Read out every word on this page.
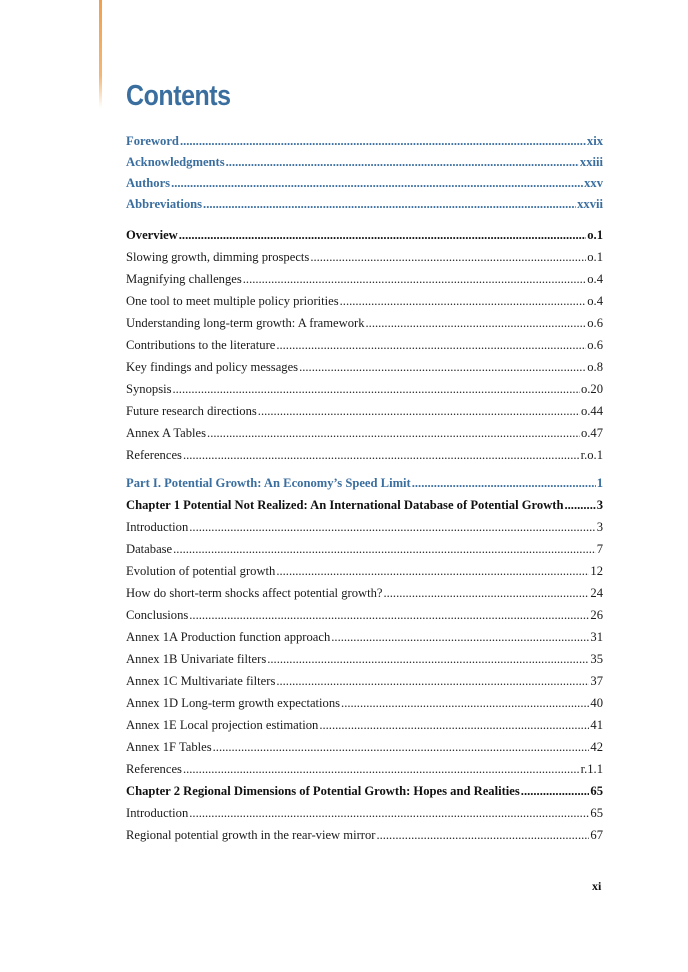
Contents
Foreword .....	xix
Acknowledgments .....	xxiii
Authors .....	xxv
Abbreviations .....	xxvii
Overview .....	o.1
Slowing growth, dimming prospects .....	o.1
Magnifying challenges .....	o.4
One tool to meet multiple policy priorities .....	o.4
Understanding long-term growth: A framework .....	o.6
Contributions to the literature .....	o.6
Key findings and policy messages .....	o.8
Synopsis .....	o.20
Future research directions .....	o.44
Annex A Tables .....	o.47
References .....	r.o.1
Part I. Potential Growth: An Economy’s Speed Limit .....	1
Chapter 1 Potential Not Realized: An International Database of Potential Growth .....	3
Introduction .....	3
Database .....	7
Evolution of potential growth .....	12
How do short-term shocks affect potential growth? .....	24
Conclusions .....	26
Annex 1A Production function approach .....	31
Annex 1B Univariate filters .....	35
Annex 1C Multivariate filters .....	37
Annex 1D Long-term growth expectations .....	40
Annex 1E Local projection estimation .....	41
Annex 1F Tables .....	42
References .....	r.1.1
Chapter 2 Regional Dimensions of Potential Growth: Hopes and Realities .....	65
Introduction .....	65
Regional potential growth in the rear-view mirror .....	67
xi
